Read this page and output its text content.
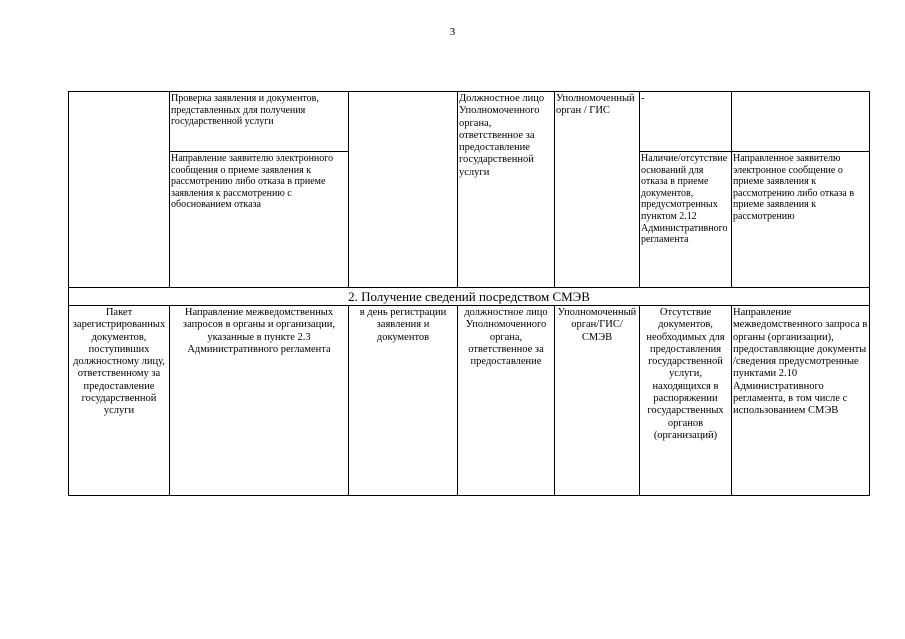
3
	Проверка заявления и документов, представленных для получения государственной услуги		Должностное лицо Уполномоченного органа, ответственное за предоставление государственной услуги	Уполномоченный орган / ГИС	-	
	Направление заявителю электронного сообщения о приеме заявления к рассмотрению либо отказа в приеме заявления к рассмотрению с обоснованием отказа				Наличие/отсутствие оснований для отказа в приеме документов, предусмотренных пунктом 2.12 Административного регламента	Направленное заявителю электронное сообщение о приеме заявления к рассмотрению либо отказа в приеме заявления к рассмотрению
2. Получение сведений посредством СМЭВ						
Пакет зарегистрированных документов, поступивших должностному лицу, ответственному за предоставление государственной услуги	Направление межведомственных запросов в органы и организации, указанные в пункте 2.3 Административного регламента	в день регистрации заявления и документов	должностное лицо Уполномоченного органа, ответственное за предоставление	Уполномоченный орган/ГИС/ СМЭВ	Отсутствие документов, необходимых для предоставления государственной услуги, находящихся в распоряжении государственных органов (организаций)	Направление межведомственного запроса в органы (организации), предоставляющие документы /сведения предусмотренные пунктами 2.10 Административного регламента, в том числе с использованием СМЭВ
